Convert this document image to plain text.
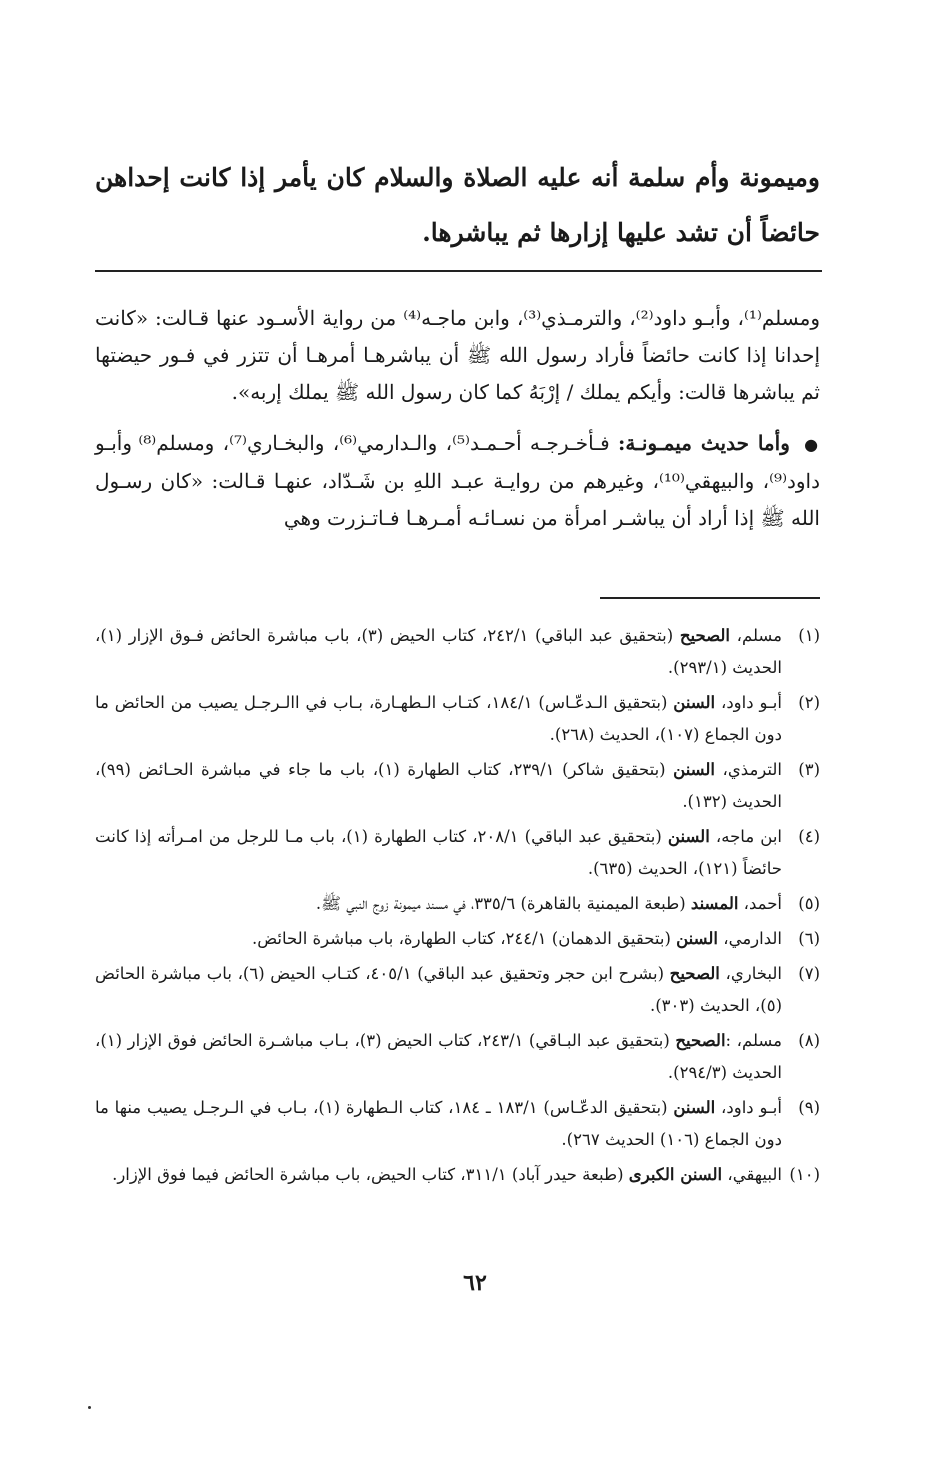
وميمونة وأم سلمة أنه عليه الصلاة والسلام كان يأمر إذا كانت إحداهن حائضاً أن تشد عليها إزارها ثم يباشرها.

ومسلم⁽¹⁾، وأبـو داود⁽²⁾، والترمـذي⁽³⁾، وابن ماجـه⁽⁴⁾ من رواية الأسـود عنها قـالت: «كانت إحدانا إذا كانت حائضاً فأراد رسول الله ﷺ أن يباشرهـا أمرهـا أن تتزر في فـور حيضتها ثم يباشرها قالت: وأيكم يملك / إرْبَهُ كما كان رسول الله ﷺ يملك إربه».

● وأما حديث ميمـونـة: فـأخـرجـه أحـمـد⁽⁵⁾، والـدارمي⁽⁶⁾، والبخـاري⁽⁷⁾، ومسلم⁽⁸⁾ وأبـو داود⁽⁹⁾، والبيهقي⁽¹⁰⁾، وغيرهم من روايـة عبـد اللهِ بن شَـدّاد، عنهـا قـالت: «كان رسـول الله ﷺ إذا أراد أن يباشـر امرأة من نسـائـه أمـرهـا فـاتـزرت وهي

(١)
مسلم، الصحيح (بتحقيق عبد الباقي) ٢٤٢/١، كتاب الحيض (٣)، باب مباشرة الحائض فـوق الإزار (١)، الحديث (٢٩٣/١).
(٢)
أبـو داود، السنن (بتحقيق الـدعّـاس) ١٨٤/١، كتـاب الـطهـارة، بـاب في االـرجـل يصيب من الحائض ما دون الجماع (١٠٧)، الحديث (٢٦٨).
(٣)
الترمذي، السنن (بتحقيق شاكر) ٢٣٩/١، كتاب الطهارة (١)، باب ما جاء في مباشرة الحـائض (٩٩)، الحديث (١٣٢).
(٤)
ابن ماجه، السنن (بتحقيق عبد الباقي) ٢٠٨/١، كتاب الطهارة (١)، باب مـا للرجل من امـرأته إذا كانت حائضاً (١٢١)، الحديث (٦٣٥).
(٥)
أحمد، المسند (طبعة الميمنية بالقاهرة) ٣٣٥/٦، في مسند ميمونة زوج النبي ﷺ.
(٦)
الدارمي، السنن (بتحقيق الدهمان) ٢٤٤/١، كتاب الطهارة، باب مباشرة الحائض.
(٧)
البخاري، الصحيح (بشرح ابن حجر وتحقيق عبد الباقي) ٤٠٥/١، كتـاب الحيض (٦)، باب مباشرة الحائض (٥)، الحديث (٣٠٣).
(٨)
مسلم، :الصحيح (بتحقيق عبد البـاقي) ٢٤٣/١، كتاب الحيض (٣)، بـاب مباشـرة الحائض فوق الإزار (١)، الحديث (٢٩٤/٣).
(٩)
أبـو داود، السنن (بتحقيق الدعّـاس) ١٨٣/١ ـ ١٨٤، كتاب الـطهارة (١)، بـاب في الـرجـل يصيب منها ما دون الجماع (١٠٦) الحديث ٢٦٧).
(١٠)
البيهقي، السنن الكبرى (طبعة حيدر آباد) ٣١١/١، كتاب الحيض، باب مباشرة الحائض فيما فوق الإزار.
٦٢
